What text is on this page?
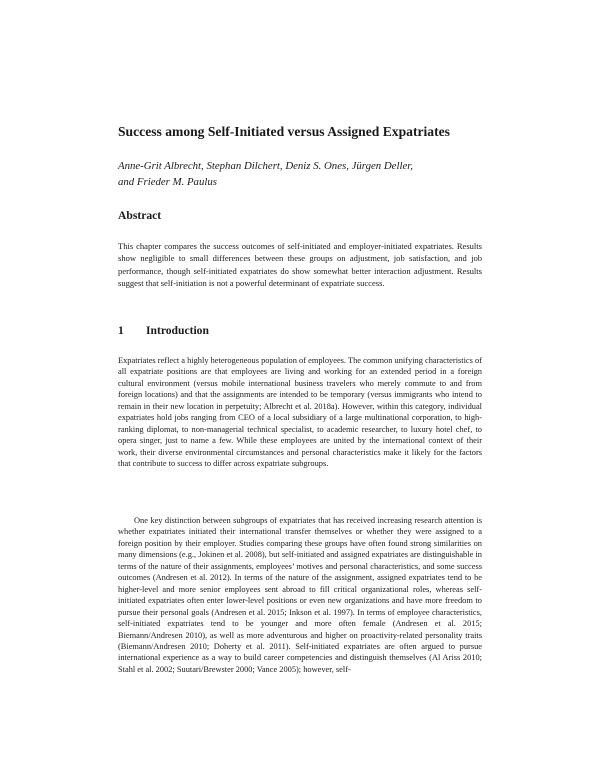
Success among Self-Initiated versus Assigned Expatriates
Anne-Grit Albrecht, Stephan Dilchert, Deniz S. Ones, Jürgen Deller,
and Frieder M. Paulus
Abstract

This chapter compares the success outcomes of self-initiated and employer-initiated expatriates. Results show negligible to small differences between these groups on adjustment, job satisfaction, and job performance, though self-initiated expatriates do show somewhat better interaction adjustment. Results suggest that self-initiation is not a powerful determinant of expatriate success.

1 Introduction

Expatriates reflect a highly heterogeneous population of employees. The common unifying characteristics of all expatriate positions are that employees are living and working for an extended period in a foreign cultural environment (versus mobile international business travelers who merely commute to and from foreign locations) and that the assignments are intended to be temporary (versus immigrants who intend to remain in their new location in perpetuity; Albrecht et al. 2018a). However, within this category, individual expatriates hold jobs ranging from CEO of a local subsidiary of a large multinational corporation, to high-ranking diplomat, to non-managerial technical specialist, to academic researcher, to luxury hotel chef, to opera singer, just to name a few. While these employees are united by the international context of their work, their diverse environmental circumstances and personal characteristics make it likely for the factors that contribute to success to differ across expatriate subgroups.

One key distinction between subgroups of expatriates that has received increasing research attention is whether expatriates initiated their international transfer themselves or whether they were assigned to a foreign position by their employer. Studies comparing these groups have often found strong similarities on many dimensions (e.g., Jokinen et al. 2008), but self-initiated and assigned expatriates are distinguishable in terms of the nature of their assignments, employees’ motives and personal characteristics, and some success outcomes (Andresen et al. 2012). In terms of the nature of the assignment, assigned expatriates tend to be higher-level and more senior employees sent abroad to fill critical organizational roles, whereas self-initiated expatriates often enter lower-level positions or even new organizations and have more freedom to pursue their personal goals (Andresen et al. 2015; Inkson et al. 1997). In terms of employee characteristics, self-initiated expatriates tend to be younger and more often female (Andresen et al. 2015; Biemann/Andresen 2010), as well as more adventurous and higher on proactivity-related personality traits (Biemann/Andresen 2010; Doherty et al. 2011). Self-initiated expatriates are often argued to pursue international experience as a way to build career competencies and distinguish themselves (Al Ariss 2010; Stahl et al. 2002; Suutari/Brewster 2000; Vance 2005); however, self-
